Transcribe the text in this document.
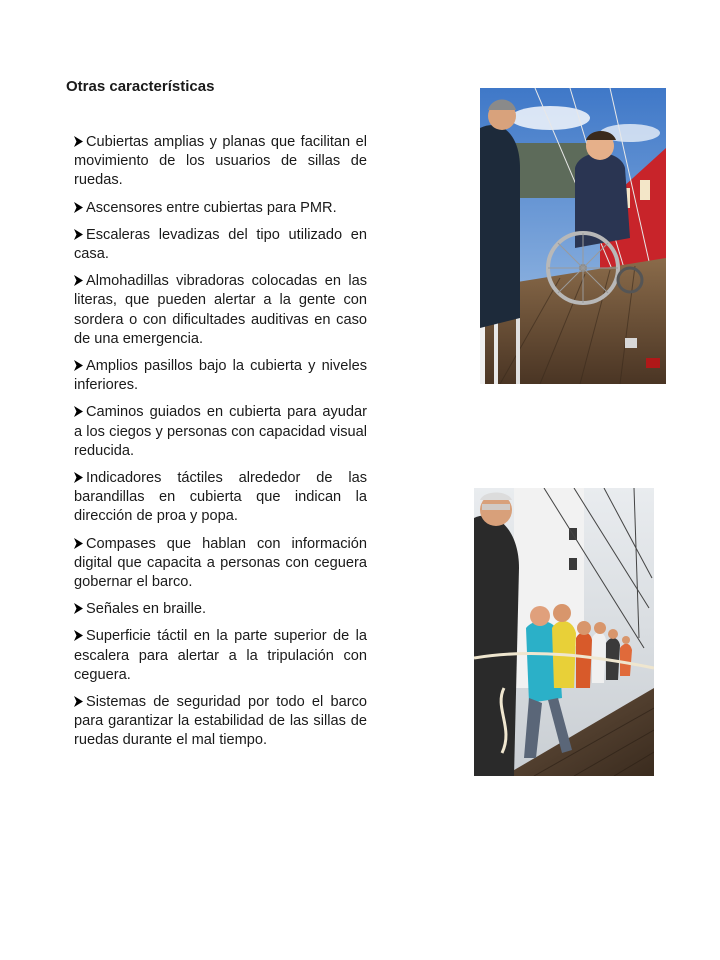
Otras características
Cubiertas amplias y planas que facilitan el movimiento de los usuarios de sillas de ruedas.
Ascensores entre cubiertas para PMR.
Escaleras levadizas del tipo utilizado en casa.
Almohadillas vibradoras colocadas en las literas, que pueden alertar a la gente con sordera o con dificultades auditivas en caso de una emergencia.
Amplios pasillos bajo la cubierta y niveles inferiores.
Caminos guiados en cubierta para ayudar a los ciegos y personas con capacidad visual reducida.
Indicadores táctiles alrededor de las barandillas en cubierta que indican la dirección de proa y popa.
Compases que hablan con información digital que capacita a personas con ceguera gobernar el barco.
Señales en braille.
Superficie táctil en la parte superior de la escalera para alertar a la tripulación con ceguera.
Sistemas de seguridad por todo el barco para garantizar la estabilidad de las sillas de ruedas durante el mal tiempo.
